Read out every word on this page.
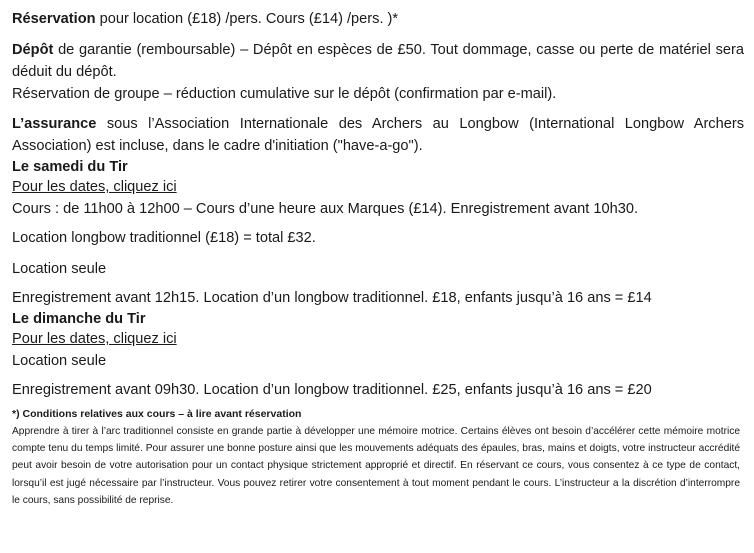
Réservation pour location (£18) /pers. Cours (£14) /pers. )*

Dépôt de garantie (remboursable) – Dépôt en espèces de £50. Tout dommage, casse ou perte de matériel sera déduit du dépôt.

Réservation de groupe – réduction cumulative sur le dépôt (confirmation par e-mail).

L’assurance sous l’Association Internationale des Archers au Longbow (International Longbow Archers Association) est incluse, dans le cadre d'initiation ("have-a-go").

Le samedi du Tir

Pour les dates, cliquez ici

Cours : de 11h00 à 12h00 – Cours d’une heure aux Marques (£14). Enregistrement avant 10h30.

Location longbow traditionnel (£18) = total £32.

Location seule

Enregistrement avant 12h15. Location d’un longbow traditionnel. £18, enfants jusqu’à 16 ans = £14

Le dimanche du Tir

Pour les dates, cliquez ici

Location seule

Enregistrement avant 09h30. Location d’un longbow traditionnel. £25, enfants jusqu’à 16 ans = £20

*) Conditions relatives aux cours – à lire avant réservation

Apprendre à tirer à l’arc traditionnel consiste en grande partie à développer une mémoire motrice. Certains élèves ont besoin d’accélérer cette mémoire motrice compte tenu du temps limité. Pour assurer une bonne posture ainsi que les mouvements adéquats des épaules, bras, mains et doigts, votre instructeur accrédité peut avoir besoin de votre autorisation pour un contact physique strictement approprié et directif. En réservant ce cours, vous consentez à ce type de contact, lorsqu’il est jugé nécessaire par l’instructeur. Vous pouvez retirer votre consentement à tout moment pendant le cours. L’instructeur a la discrétion d’interrompre le cours, sans possibilité de reprise.
